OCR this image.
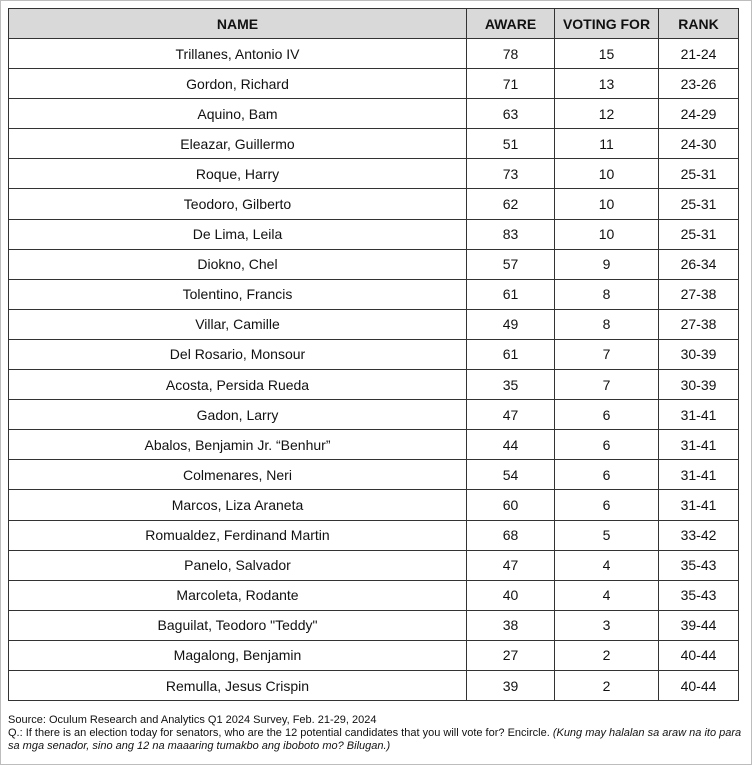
NAME	AWARE	VOTING FOR	RANK
Trillanes, Antonio IV	78	15	21-24
Gordon, Richard	71	13	23-26
Aquino, Bam	63	12	24-29
Eleazar, Guillermo	51	11	24-30
Roque, Harry	73	10	25-31
Teodoro, Gilberto	62	10	25-31
De Lima, Leila	83	10	25-31
Diokno, Chel	57	9	26-34
Tolentino, Francis	61	8	27-38
Villar, Camille	49	8	27-38
Del Rosario, Monsour	61	7	30-39
Acosta, Persida Rueda	35	7	30-39
Gadon, Larry	47	6	31-41
Abalos, Benjamin Jr. “Benhur”	44	6	31-41
Colmenares, Neri	54	6	31-41
Marcos, Liza Araneta	60	6	31-41
Romualdez, Ferdinand Martin	68	5	33-42
Panelo, Salvador	47	4	35-43
Marcoleta, Rodante	40	4	35-43
Baguilat, Teodoro "Teddy"	38	3	39-44
Magalong, Benjamin	27	2	40-44
Remulla, Jesus Crispin	39	2	40-44

Source: Oculum Research and Analytics Q1 2024 Survey, Feb. 21-29, 2024

Q.: If there is an election today for senators, who are the 12 potential candidates that you will vote for? Encircle. (Kung may halalan sa araw na ito para sa mga senador, sino ang 12 na maaaring tumakbo ang iboboto mo? Bilugan.)
